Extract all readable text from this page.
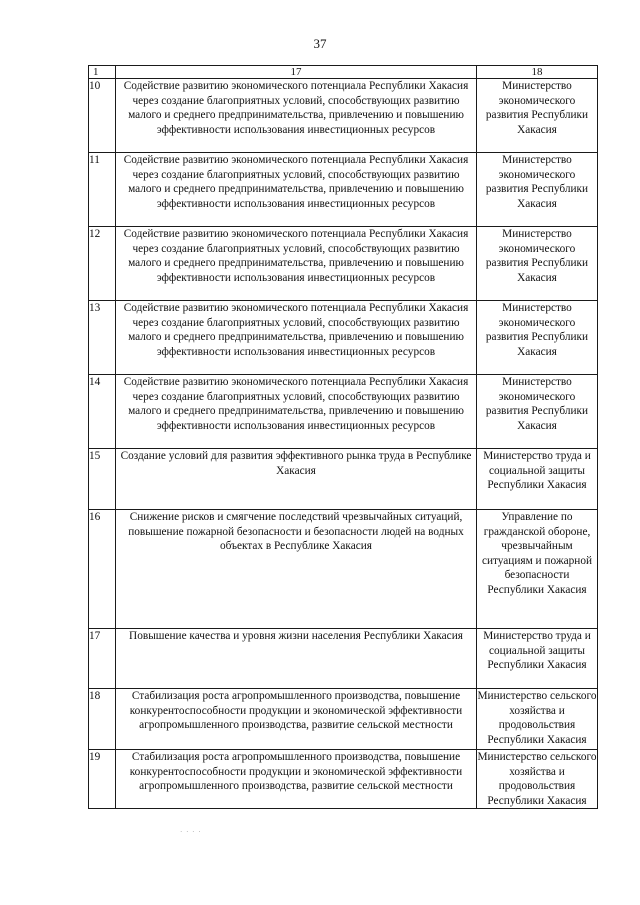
37
1	17	18
10	Содействие развитию экономического потенциала Республики Хакасия через создание благоприятных условий, способствующих развитию малого и среднего предпринимательства, привлечению и повышению эффективности использования инвестиционных ресурсов	Министерство экономического развития Республики Хакасия
11	Содействие развитию экономического потенциала Республики Хакасия через создание благоприятных условий, способствующих развитию малого и среднего предпринимательства, привлечению и повышению эффективности использования инвестиционных ресурсов	Министерство экономического развития Республики Хакасия
12	Содействие развитию экономического потенциала Республики Хакасия через создание благоприятных условий, способствующих развитию малого и среднего предпринимательства, привлечению и повышению эффективности использования инвестиционных ресурсов	Министерство экономического развития Республики Хакасия
13	Содействие развитию экономического потенциала Республики Хакасия через создание благоприятных условий, способствующих развитию малого и среднего предпринимательства, привлечению и повышению эффективности использования инвестиционных ресурсов	Министерство экономического развития Республики Хакасия
14	Содействие развитию экономического потенциала Республики Хакасия через создание благоприятных условий, способствующих развитию малого и среднего предпринимательства, привлечению и повышению эффективности использования инвестиционных ресурсов	Министерство экономического развития Республики Хакасия
15	Создание условий для развития эффективного рынка труда в Республике Хакасия	Министерство труда и социальной защиты Республики Хакасия
16	Снижение рисков и смягчение последствий чрезвычайных ситуаций, повышение пожарной безопасности и безопасности людей на водных объектах в Республике Хакасия	Управление по гражданской обороне, чрезвычайным ситуациям и пожарной безопасности Республики Хакасия
17	Повышение качества и уровня жизни населения Республики Хакасия	Министерство труда и социальной защиты Республики Хакасия
18	Стабилизация роста агропромышленного производства, повышение конкурентоспособности продукции и экономической эффективности агропромышленного производства, развитие сельской местности	Министерство сельского хозяйства и продовольствия Республики Хакасия
19	Стабилизация роста агропромышленного производства, повышение конкурентоспособности продукции и экономической эффективности агропромышленного производства, развитие сельской местности	Министерство сельского хозяйства и продовольствия Республики Хакасия
· · · ·
